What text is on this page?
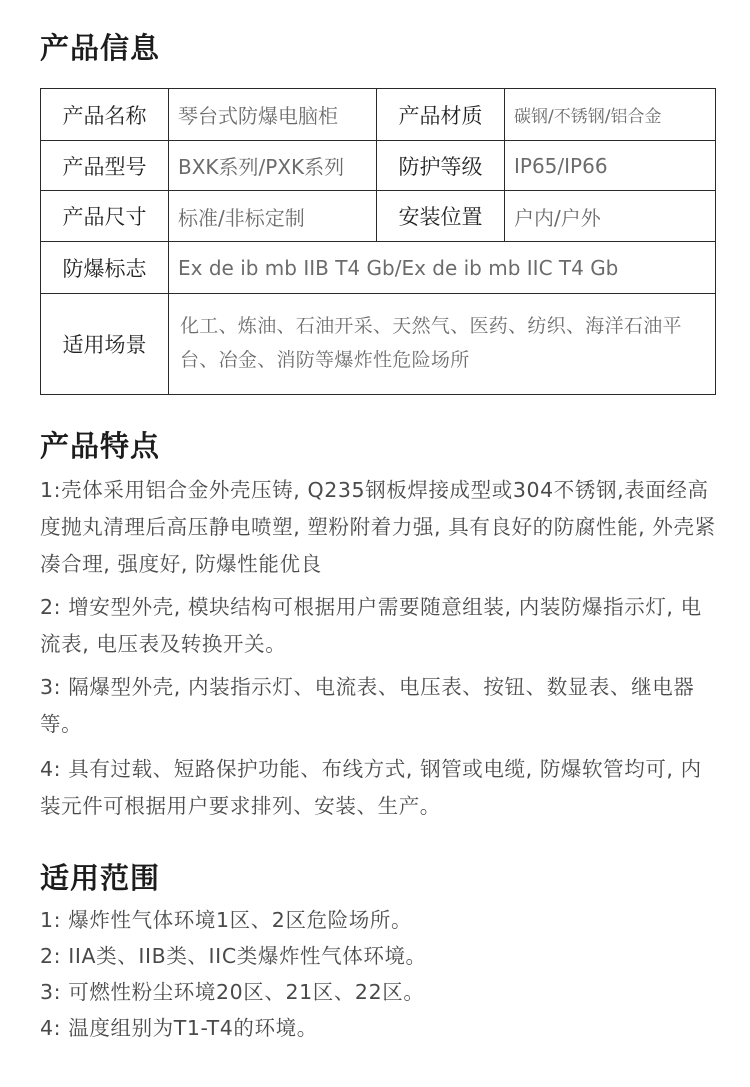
产品信息
产品名称	琴台式防爆电脑柜	产品材质	碳钢/不锈钢/铝合金
产品型号	BXK系列/PXK系列	防护等级	IP65/IP66
产品尺寸	标准/非标定制	安装位置	户内/户外
防爆标志	Ex de ib mb IIB T4 Gb/Ex de ib mb IIC T4 Gb		
适用场景	化工、炼油、石油开采、天然气、医药、纺织、海洋石油平台、冶金、消防等爆炸性危险场所		
产品特点

1:壳体采用铝合金外壳压铸, Q235钢板焊接成型或304不锈钢,表面经高度抛丸清理后高压静电喷塑, 塑粉附着力强, 具有良好的防腐性能, 外壳紧凑合理, 强度好, 防爆性能优良

2: 增安型外壳, 模块结构可根据用户需要随意组装, 内装防爆指示灯, 电流表, 电压表及转换开关。

3: 隔爆型外壳, 内装指示灯、电流表、电压表、按钮、数显表、继电器等。

4: 具有过载、短路保护功能、布线方式, 钢管或电缆, 防爆软管均可, 内装元件可根据用户要求排列、安装、生产。

适用范围
1: 爆炸性气体环境1区、2区危险场所。
2: IIA类、IIB类、IIC类爆炸性气体环境。
3: 可燃性粉尘环境20区、21区、22区。
4: 温度组别为T1-T4的环境。
